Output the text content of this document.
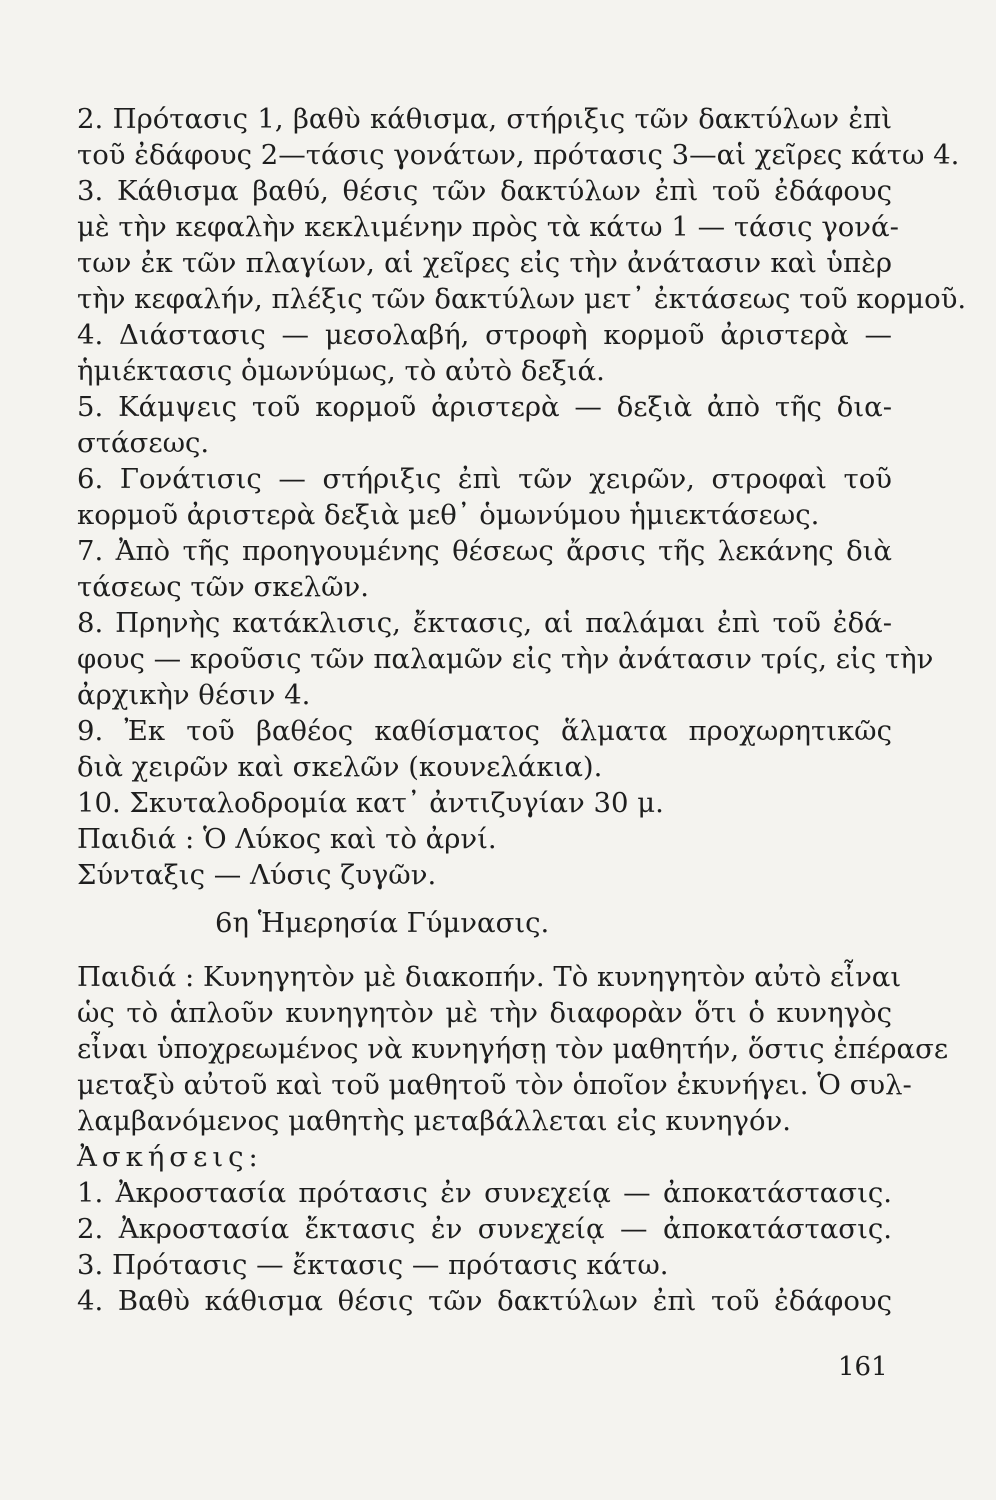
2. Πρότασις 1, βαθὺ κάθισμα, στήριξις τῶν δακτύλων ἐπὶ
τοῦ ἐδάφους 2—τάσις γονάτων, πρότασις 3—αἱ χεῖρες κάτω 4.
3. Κάθισμα βαθύ, θέσις τῶν δακτύλων ἐπὶ τοῦ ἐδάφους
μὲ τὴν κεφαλὴν κεκλιμένην πρὸς τὰ κάτω 1 — τάσις γονά-
των ἐκ τῶν πλαγίων, αἱ χεῖρες εἰς τὴν ἀνάτασιν καὶ ὑπὲρ
τὴν κεφαλήν, πλέξις τῶν δακτύλων μετ᾽ ἐκτάσεως τοῦ κορμοῦ.
4. Διάστασις — μεσολαβή, στροφὴ κορμοῦ ἀριστερὰ —
ἡμιέκτασις ὁμωνύμως, τὸ αὐτὸ δεξιά.
5. Κάμψεις τοῦ κορμοῦ ἀριστερὰ — δεξιὰ ἀπὸ τῆς δια-
στάσεως.
6. Γονάτισις — στήριξις ἐπὶ τῶν χειρῶν, στροφαὶ τοῦ
κορμοῦ ἀριστερὰ δεξιὰ μεθ᾽ ὁμωνύμου ἡμιεκτάσεως.
7. Ἀπὸ τῆς προηγουμένης θέσεως ἄρσις τῆς λεκάνης διὰ
τάσεως τῶν σκελῶν.
8. Πρηνὴς κατάκλισις, ἔκτασις, αἱ παλάμαι ἐπὶ τοῦ ἐδά-
φους — κροῦσις τῶν παλαμῶν εἰς τὴν ἀνάτασιν τρίς, εἰς τὴν
ἀρχικὴν θέσιν 4.
9. Ἐκ τοῦ βαθέος καθίσματος ἅλματα προχωρητικῶς
διὰ χειρῶν καὶ σκελῶν (κουνελάκια).
10. Σκυταλοδρομία κατ᾽ ἀντιζυγίαν 30 μ.
Παιδιά : Ὁ Λύκος καὶ τὸ ἀρνί.
Σύνταξις — Λύσις ζυγῶν.
6η Ἡμερησία Γύμνασις.
Παιδιά : Κυνηγητὸν μὲ διακοπήν. Τὸ κυνηγητὸν αὐτὸ εἶναι
ὡς τὸ ἁπλοῦν κυνηγητὸν μὲ τὴν διαφορὰν ὅτι ὁ κυνηγὸς
εἶναι ὑποχρεωμένος νὰ κυνηγήσῃ τὸν μαθητήν, ὅστις ἐπέρασε
μεταξὺ αὐτοῦ καὶ τοῦ μαθητοῦ τὸν ὁποῖον ἐκυνήγει. Ὁ συλ-
λαμβανόμενος μαθητὴς μεταβάλλεται εἰς κυνηγόν.
Ἀσκήσεις:
1. Ἀκροστασία πρότασις ἐν συνεχείᾳ — ἀποκατάστασις.
2. Ἀκροστασία ἔκτασις ἐν συνεχείᾳ — ἀποκατάστασις.
3. Πρότασις — ἔκτασις — πρότασις κάτω.
4. Βαθὺ κάθισμα θέσις τῶν δακτύλων ἐπὶ τοῦ ἐδάφους
161
